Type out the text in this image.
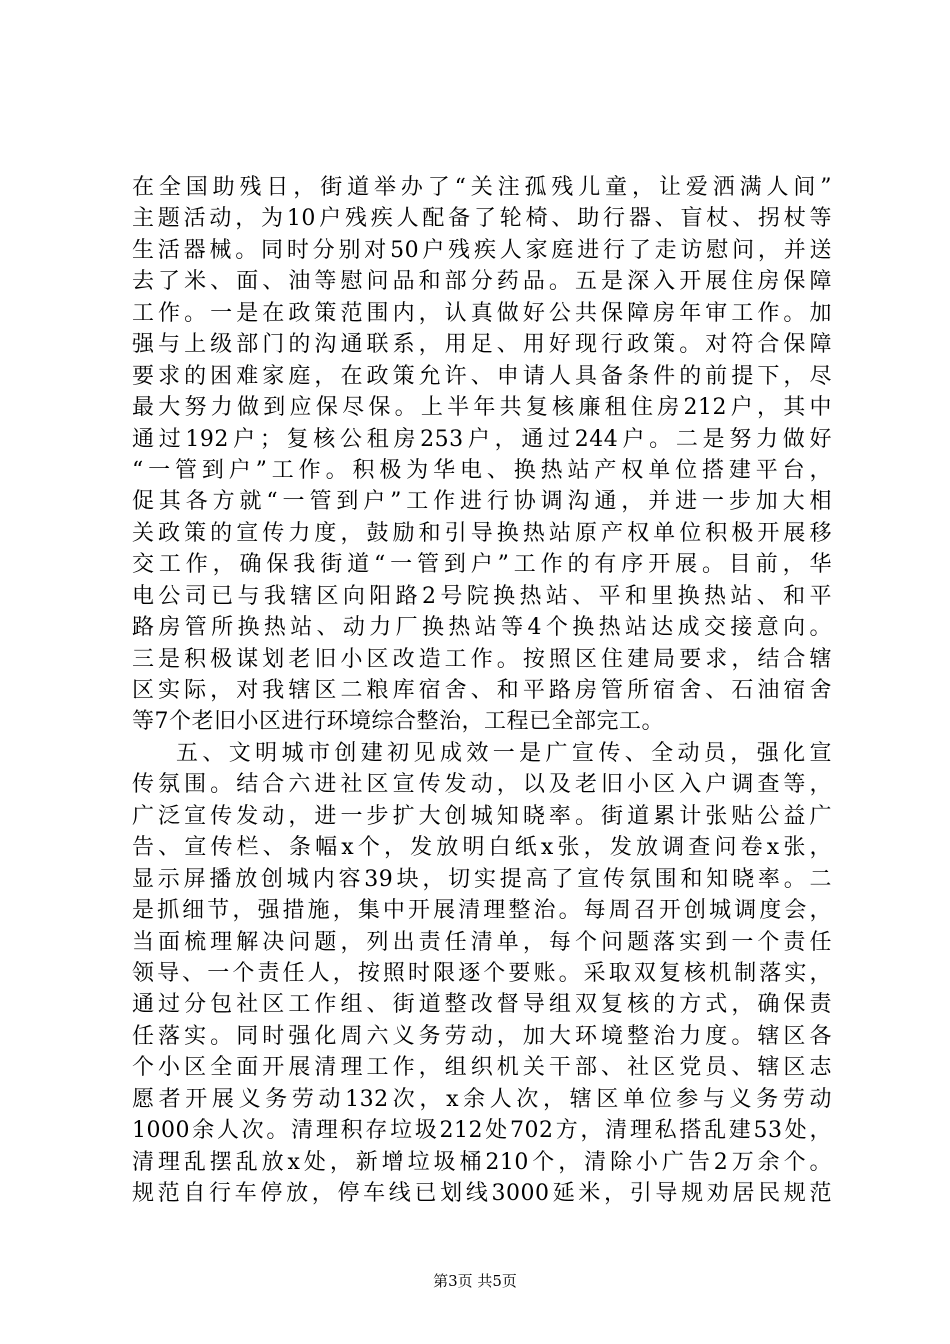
在全国助残日，街道举办了“关注孤残儿童，让爱洒满人间”
主题活动，为10户残疾人配备了轮椅、助行器、盲杖、拐杖等
生活器械。同时分别对50户残疾人家庭进行了走访慰问，并送
去了米、面、油等慰问品和部分药品。五是深入开展住房保障
工作。一是在政策范围内，认真做好公共保障房年审工作。加
强与上级部门的沟通联系，用足、用好现行政策。对符合保障
要求的困难家庭，在政策允许、申请人具备条件的前提下，尽
最大努力做到应保尽保。上半年共复核廉租住房212户，其中
通过192户；复核公租房253户，通过244户。二是努力做好
“一管到户”工作。积极为华电、换热站产权单位搭建平台，
促其各方就“一管到户”工作进行协调沟通，并进一步加大相
关政策的宣传力度，鼓励和引导换热站原产权单位积极开展移
交工作，确保我街道“一管到户”工作的有序开展。目前，华
电公司已与我辖区向阳路2号院换热站、平和里换热站、和平
路房管所换热站、动力厂换热站等4个换热站达成交接意向。
三是积极谋划老旧小区改造工作。按照区住建局要求，结合辖
区实际，对我辖区二粮库宿舍、和平路房管所宿舍、石油宿舍
等7个老旧小区进行环境综合整治，工程已全部完工。
五、文明城市创建初见成效一是广宣传、全动员，强化宣
传氛围。结合六进社区宣传发动，以及老旧小区入户调查等，
广泛宣传发动，进一步扩大创城知晓率。街道累计张贴公益广
告、宣传栏、条幅x个，发放明白纸x张，发放调查问卷x张，
显示屏播放创城内容39块，切实提高了宣传氛围和知晓率。二
是抓细节，强措施，集中开展清理整治。每周召开创城调度会，
当面梳理解决问题，列出责任清单，每个问题落实到一个责任
领导、一个责任人，按照时限逐个要账。采取双复核机制落实，
通过分包社区工作组、街道整改督导组双复核的方式，确保责
任落实。同时强化周六义务劳动，加大环境整治力度。辖区各
个小区全面开展清理工作，组织机关干部、社区党员、辖区志
愿者开展义务劳动132次，x余人次，辖区单位参与义务劳动
1000余人次。清理积存垃圾212处702方，清理私搭乱建53处，
清理乱摆乱放x处，新增垃圾桶210个，清除小广告2万余个。
规范自行车停放，停车线已划线3000延米，引导规劝居民规范
第3页 共5页
